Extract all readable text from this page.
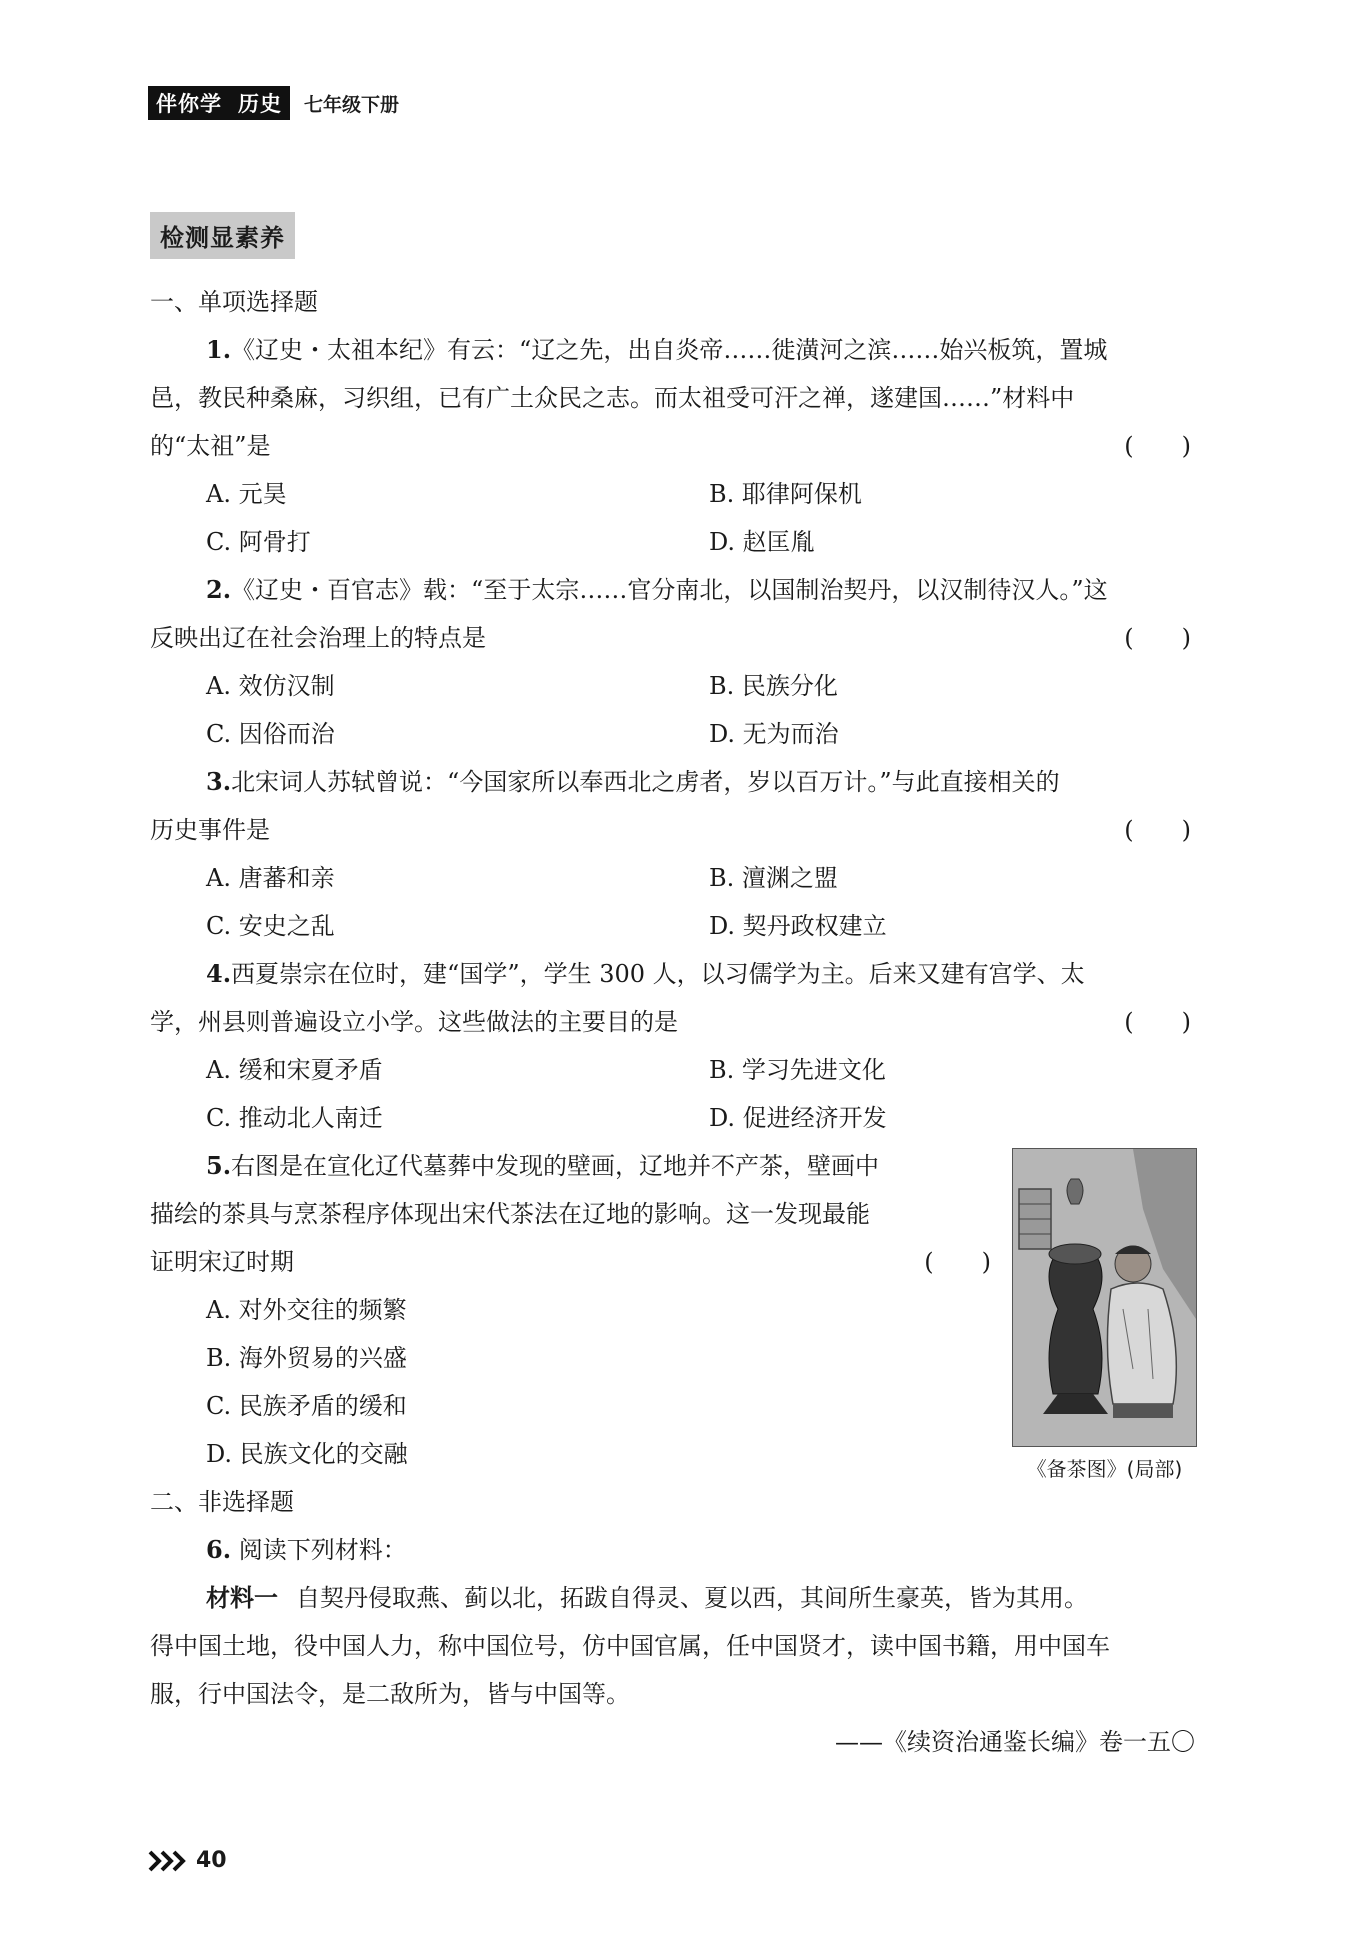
伴你学 历史 七年级下册
检测显素养
一、单项选择题
1.《辽史・太祖本纪》有云：“辽之先，出自炎帝……徙潢河之滨……始兴板筑，置城
邑，教民种桑麻，习织组，已有广土众民之志。而太祖受可汗之禅，遂建国……”材料中
的“太祖”是	(　　)
A. 元昊	B. 耶律阿保机
C. 阿骨打	D. 赵匡胤
2.《辽史・百官志》载：“至于太宗……官分南北，以国制治契丹，以汉制待汉人。”这
反映出辽在社会治理上的特点是	(　　)
A. 效仿汉制	B. 民族分化
C. 因俗而治	D. 无为而治
3.北宋词人苏轼曾说：“今国家所以奉西北之虏者，岁以百万计。”与此直接相关的
历史事件是	(　　)
A. 唐蕃和亲	B. 澶渊之盟
C. 安史之乱	D. 契丹政权建立
4.西夏崇宗在位时，建“国学”，学生 300 人，以习儒学为主。后来又建有宫学、太
学，州县则普遍设立小学。这些做法的主要目的是	(　　)
A. 缓和宋夏矛盾	B. 学习先进文化
C. 推动北人南迁	D. 促进经济开发
5.右图是在宣化辽代墓葬中发现的壁画，辽地并不产茶，壁画中
描绘的茶具与烹茶程序体现出宋代茶法在辽地的影响。这一发现最能
证明宋辽时期	(　　)
A. 对外交往的频繁
B. 海外贸易的兴盛
C. 民族矛盾的缓和
D. 民族文化的交融
《备茶图》(局部)
二、非选择题
6. 阅读下列材料：
材料一 自契丹侵取燕、蓟以北，拓跋自得灵、夏以西，其间所生豪英，皆为其用。
得中国土地，役中国人力，称中国位号，仿中国官属，任中国贤才，读中国书籍，用中国车
服，行中国法令，是二敌所为，皆与中国等。
——《续资治通鉴长编》卷一五〇
40
